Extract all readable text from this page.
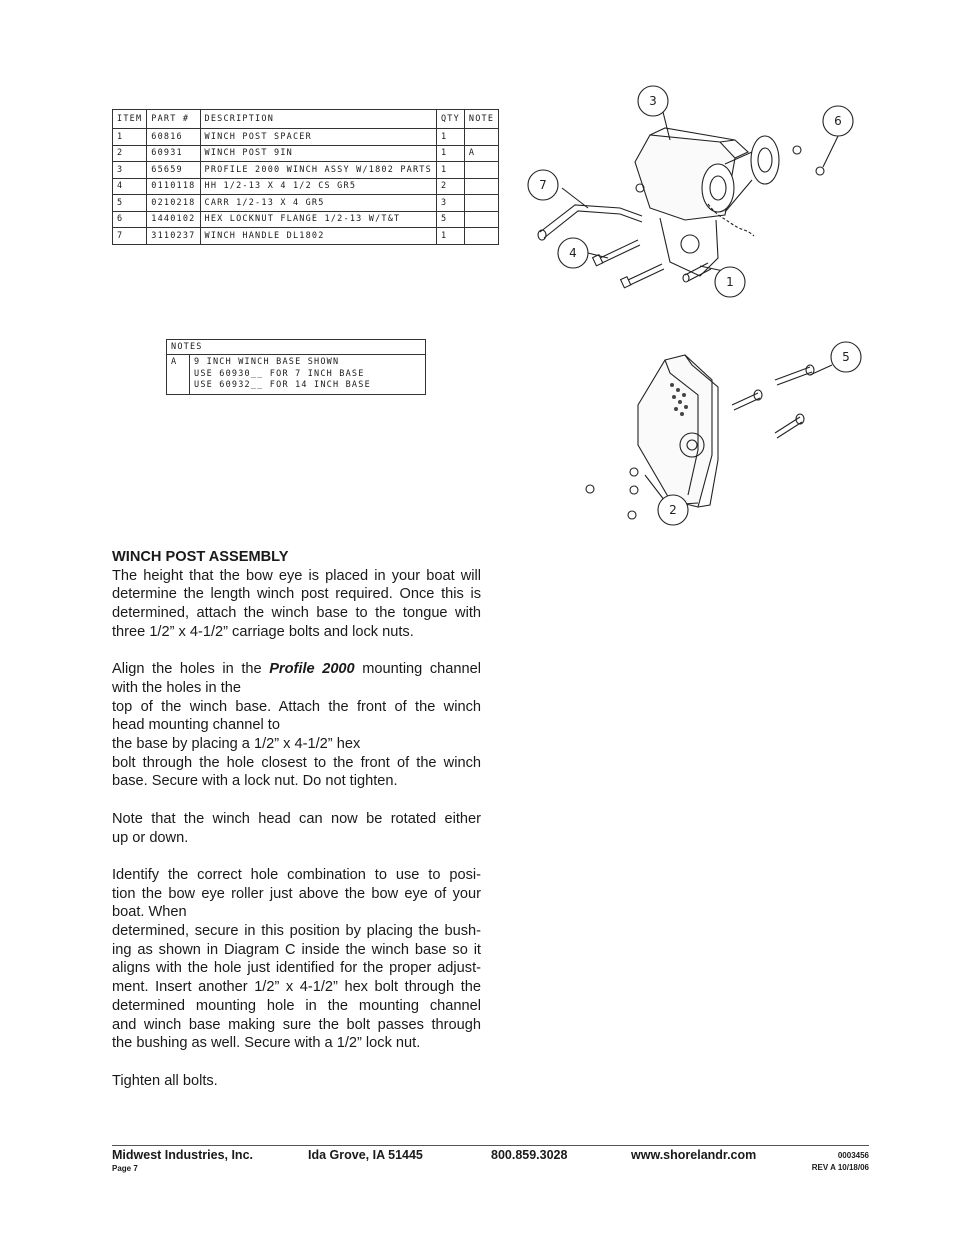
ITEM	PART #	DESCRIPTION	QTY	NOTE
1	60816	WINCH POST SPACER	1	
2	60931	WINCH POST 9IN	1	A
3	65659	PROFILE 2000 WINCH ASSY W/1802 PARTS	1	
4	0110118	HH 1/2-13 X 4 1/2 CS GR5	2	
5	0210218	CARR 1/2-13 X 4 GR5	3	
6	1440102	HEX LOCKNUT FLANGE 1/2-13 W/T&T	5	
7	3110237	WINCH HANDLE DL1802	1	
NOTES
A	9 INCH WINCH BASE SHOWN
USE 60930__ FOR 7 INCH BASE
USE 60932__ FOR 14 INCH BASE
3
6
7
4
1
5
2
WINCH POST ASSEMBLY
The height that the bow eye is placed in your boat will
determine the length winch post required. Once this is
determined, attach the winch base to the tongue with
three 1/2” x 4-1/2” carriage bolts and lock nuts.
Align the holes in the Profile 2000 mounting channel
with the holes in the
top of the winch base. Attach the front of the winch
head mounting channel to
the base by placing a 1/2” x 4-1/2” hex
bolt through the hole closest to the front of the winch
base. Secure with a lock nut. Do not tighten.
Note that the winch head can now be rotated either
up or down.
Identify the correct hole combination to use to posi-
tion the bow eye roller just above the bow eye of your
boat. When
determined, secure in this position by placing the bush-
ing as shown in Diagram C inside the winch base so it
aligns with the hole just identified for the proper adjust-
ment. Insert another 1/2” x 4-1/2” hex bolt through the
determined mounting hole in the mounting channel
and winch base making sure the bolt passes through
the bushing as well. Secure with a 1/2” lock nut.
Tighten all bolts.
Midwest Industries, Inc.	Ida Grove, IA 51445	800.859.3028	www.shorelandr.com
Page 7
0003456
REV A 10/18/06
